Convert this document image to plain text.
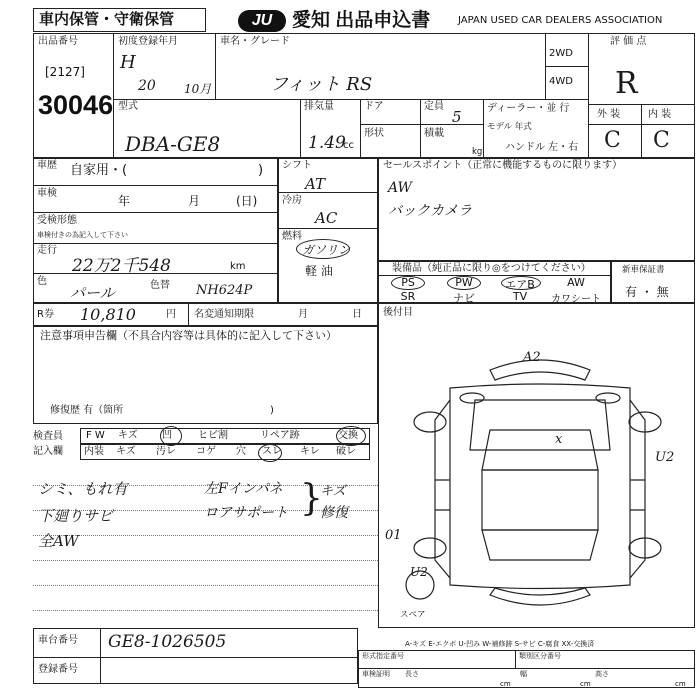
車内保管・守衛保管	JU	愛知 出品申込書	JAPAN USED CAR DEALERS ASSOCIATION
出品番号
[2127]
30046
初度登録年月
H
20 10月
車名・グレード
フィット RS
2WD
4WD
評 価 点
R
外 装	内 装
C C
型式
DBA-GE8
排気量
1.49
cc
ドア
形状
定員
5
積載
kg
ディーラー・並 行
モデル 年式
ハンドル 左・右
車歴 自家用・(	)
車検
年	月	(日)
受検形態
車検付きの為記入して下さい
走行
22万2千548	km
色
パール	色替 NH624P
シフト
AT
冷房
AC
燃料
ガソリン
軽 油
セールスポイント（正常に機能するものに限ります）
AW
バックカメラ
装備品（純正品に限り◎をつけてください）
PS	PW	エアB	AW
SR	ナビ	TV	カワシート
新車保証書
有 ・ 無
R券 10,810	円 名変通知期限	月	日
注意事項申告欄（不具合内容等は具体的に記入して下さい）
修復歴 有（箇所	)
後付目
検査員
記入欄
F W キズ 凹	ヒビ割	リペア跡	交換
内装 キズ 汚レ コゲ 穴 スレ キレ 破レ
シミ、もれ有
下廻りサビ
全AW
左Fインパネ
ロアサポート
キズ
修復
01
}
A2
U2
U2
x
スペア
A-キズ E-エクボ U-凹み W-補修跡 S-サビ C-腐食 XX-交換済
車台番号 GE8-1026505
登録番号
形式指定番号	類別区分番号
車検証明 長さ	幅	高さ
cm	cm	cm
